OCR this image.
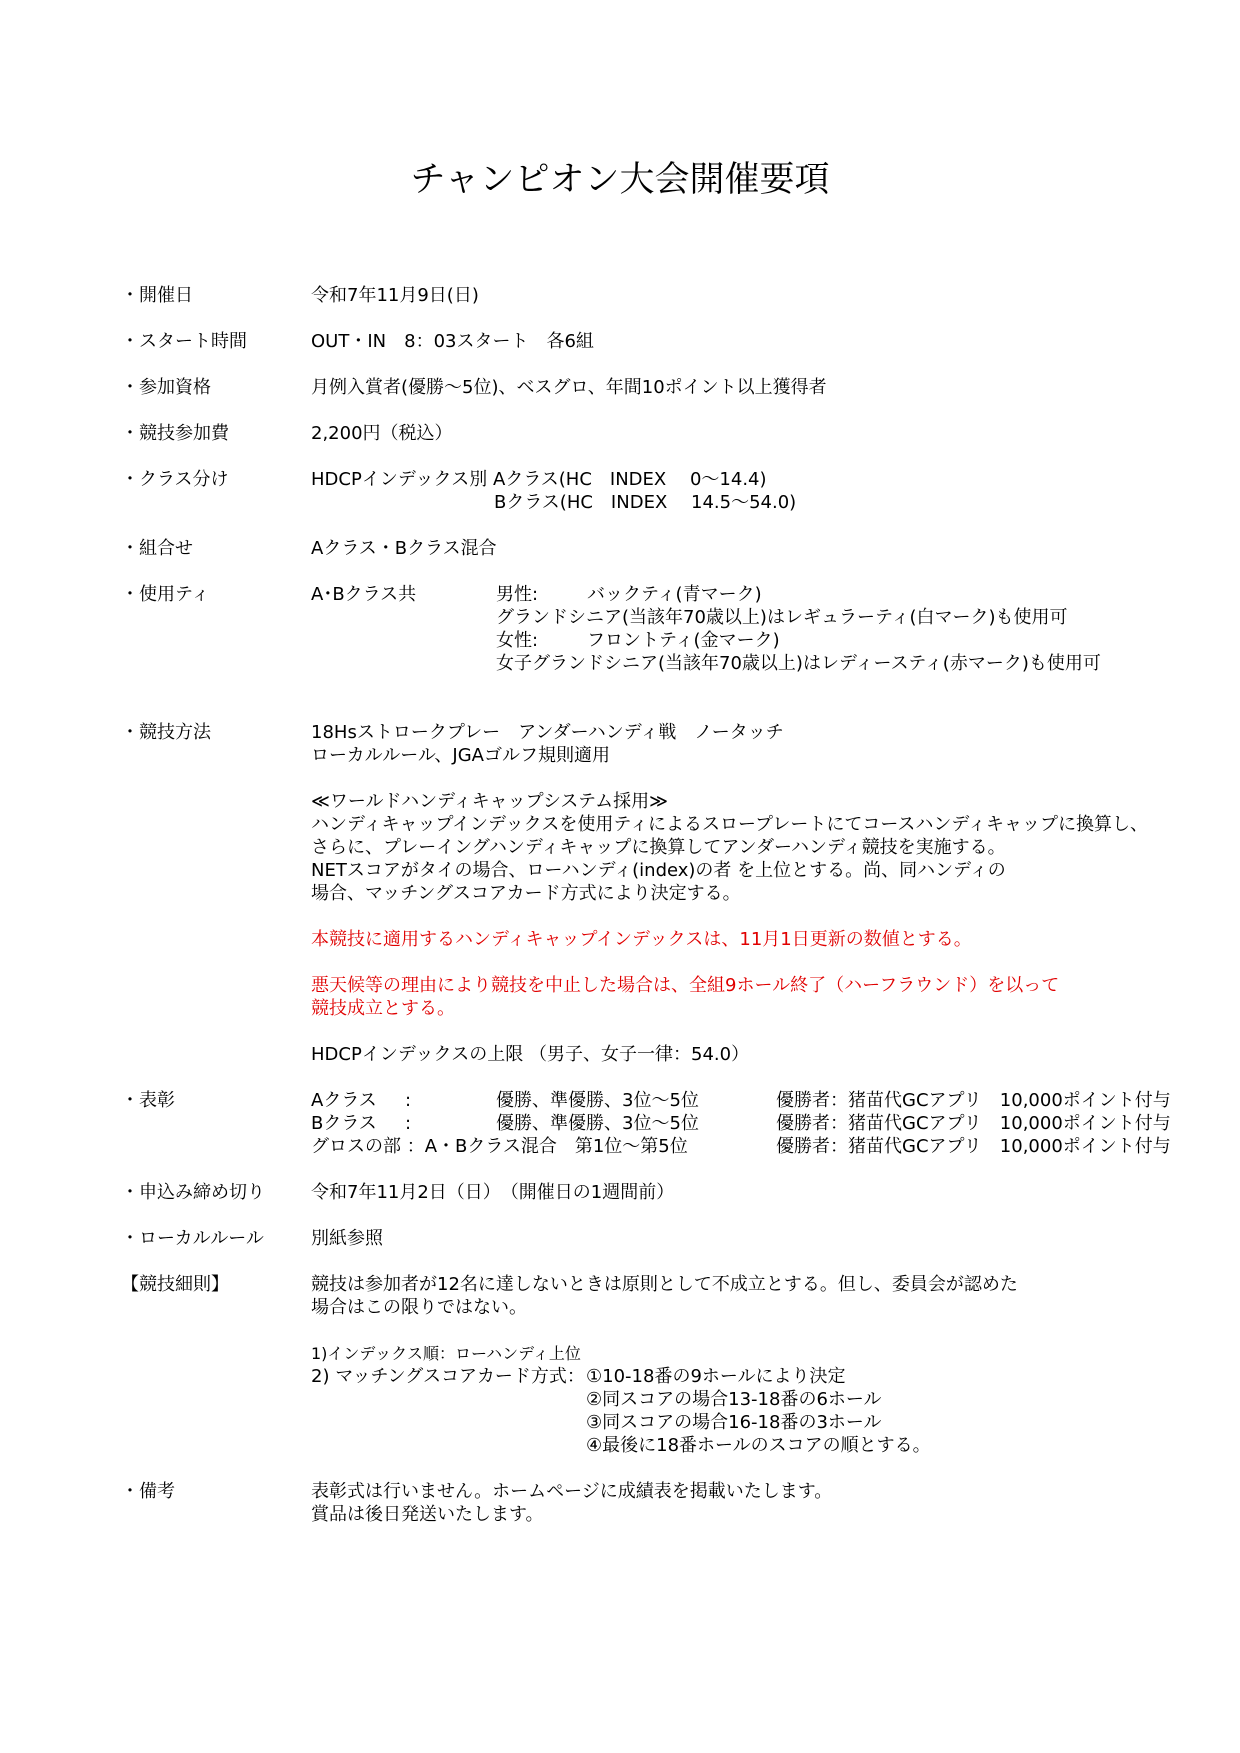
チャンピオン大会開催要項
・開催日	令和7年11月9日(日)
・スタート時間	OUT・IN　8：03スタート　各6組
・参加資格	月例入賞者(優勝～5位)、ベスグロ、年間10ポイント以上獲得者
・競技参加費	2,200円（税込）
・クラス分け	HDCPインデックス別 Aクラス(HC　INDEX　 0～14.4)
Bクラス(HC　INDEX　 14.5～54.0)
・組合せ	Aクラス・Bクラス混合
・使用ティ	A･Bクラス共	男性:	バックティ(青マーク)
グランドシニア(当該年70歳以上)はレギュラーティ(白マーク)も使用可
女性:	フロントティ(金マーク)
女子グランドシニア(当該年70歳以上)はレディースティ(赤マーク)も使用可
・競技方法	18Hsストロークプレー　アンダーハンディ戦　ノータッチ
ローカルルール、JGAゴルフ規則適用
≪ワールドハンディキャップシステム採用≫
ハンディキャップインデックスを使用ティによるスロープレートにてコースハンディキャップに換算し、
さらに、プレーイングハンディキャップに換算してアンダーハンディ競技を実施する。
NETスコアがタイの場合、ローハンディ(index)の者 を上位とする。尚、同ハンディの
場合、マッチングスコアカード方式により決定する。
本競技に適用するハンディキャップインデックスは、11月1日更新の数値とする。
悪天候等の理由により競技を中止した場合は、全組9ホール終了（ハーフラウンド）を以って
競技成立とする。
HDCPインデックスの上限 （男子、女子一律：54.0）
・表彰	Aクラス :	優勝、準優勝、3位～5位	優勝者：猪苗代GCアプリ　10,000ポイント付与
Bクラス :	優勝、準優勝、3位～5位	優勝者：猪苗代GCアプリ　10,000ポイント付与
グロスの部 ：A・Bクラス混合　第1位～第5位	優勝者：猪苗代GCアプリ　10,000ポイント付与
・申込み締め切り	令和7年11月2日（日）　（開催日の1週間前）
・ローカルルール	別紙参照
【競技細則】	競技は参加者が12名に達しないときは原則として不成立とする。但し、委員会が認めた
場合はこの限りではない。
1)インデックス順：ローハンディ上位
2) マッチングスコアカード方式： ①10-18番の9ホールにより決定
②同スコアの場合13-18番の6ホール
③同スコアの場合16-18番の3ホール
④最後に18番ホールのスコアの順とする。
・備考	表彰式は行いません。ホームページに成績表を掲載いたします。
賞品は後日発送いたします。
